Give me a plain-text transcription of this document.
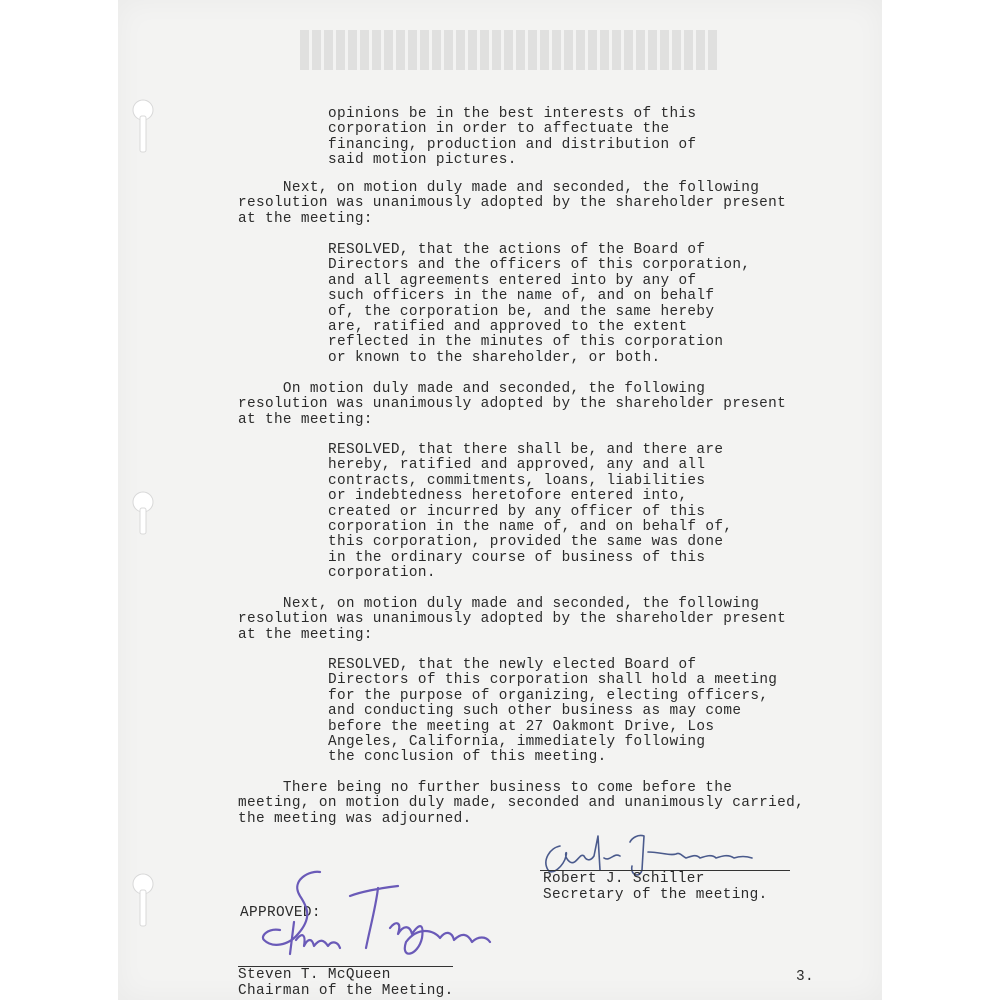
opinions be in the best interests of this
corporation in order to affectuate the
financing, production and distribution of
said motion pictures.

Next, on motion duly made and seconded, the following
resolution was unanimously adopted by the shareholder present
at the meeting:

RESOLVED, that the actions of the Board of
Directors and the officers of this corporation,
and all agreements entered into by any of
such officers in the name of, and on behalf
of, the corporation be, and the same hereby
are, ratified and approved to the extent
reflected in the minutes of this corporation
or known to the shareholder, or both.

On motion duly made and seconded, the following
resolution was unanimously adopted by the shareholder present
at the meeting:

RESOLVED, that there shall be, and there are
hereby, ratified and approved, any and all
contracts, commitments, loans, liabilities
or indebtedness heretofore entered into,
created or incurred by any officer of this
corporation in the name of, and on behalf of,
this corporation, provided the same was done
in the ordinary course of business of this
corporation.

Next, on motion duly made and seconded, the following
resolution was unanimously adopted by the shareholder present
at the meeting:

RESOLVED, that the newly elected Board of
Directors of this corporation shall hold a meeting
for the purpose of organizing, electing officers,
and conducting such other business as may come
before the meeting at 27 Oakmont Drive, Los
Angeles, California, immediately following
the conclusion of this meeting.

There being no further business to come before the
meeting, on motion duly made, seconded and unanimously carried,
the meeting was adjourned.

Robert J. Schiller

Secretary of the meeting.

APPROVED:

Steven T. McQueen

Chairman of the Meeting.

3.
